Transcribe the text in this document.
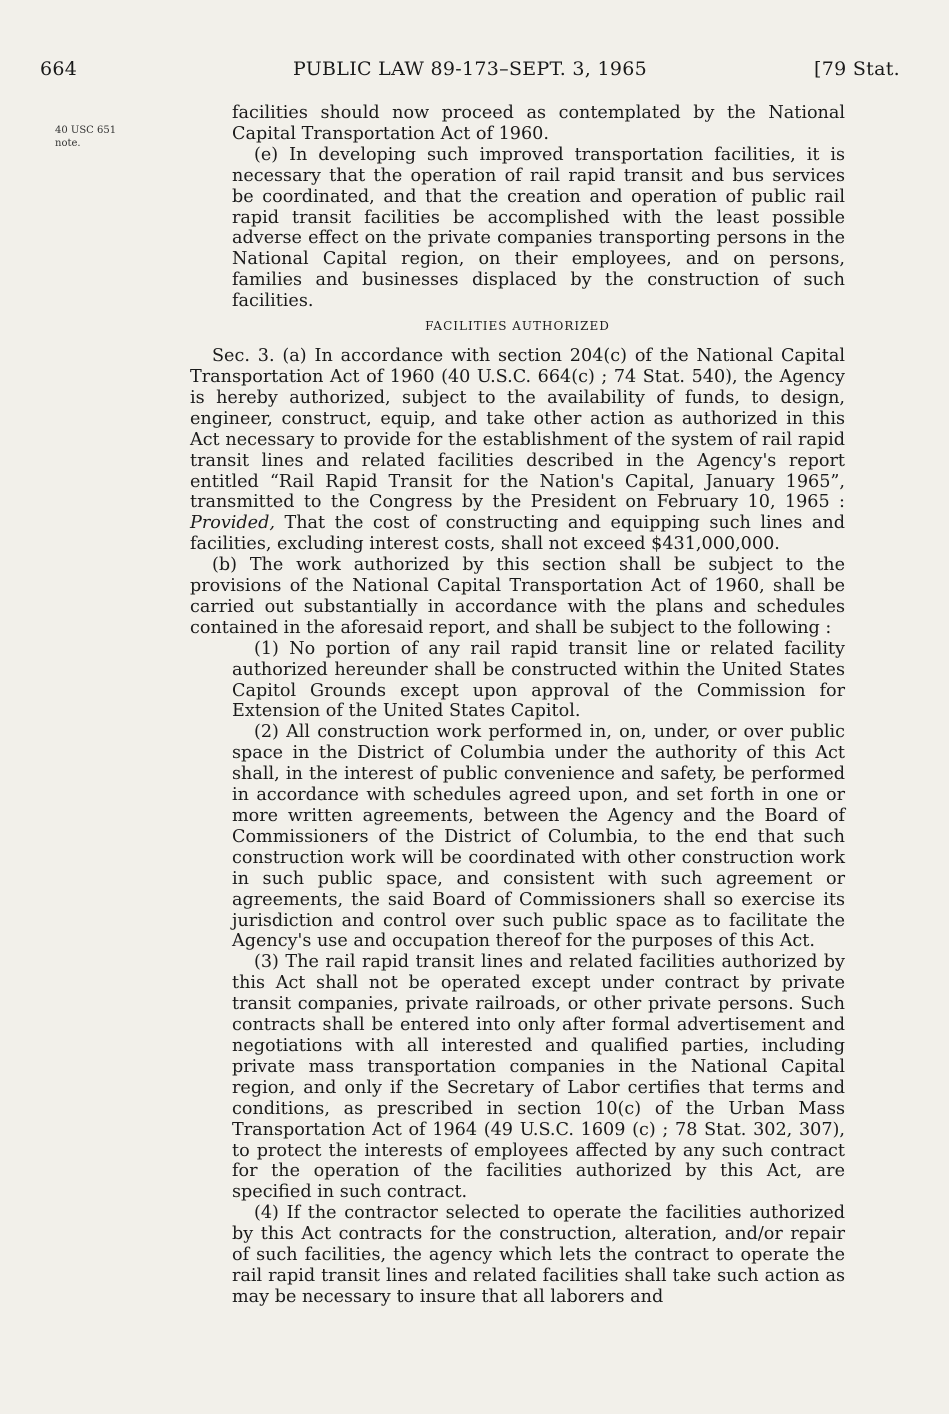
664	PUBLIC LAW 89-173–SEPT. 3, 1965	[79 Stat.
40 USC 651
note.

facilities should now proceed as contemplated by the National Capital Transportation Act of 1960.

(e) In developing such improved transportation facilities, it is necessary that the operation of rail rapid transit and bus services be coordinated, and that the creation and operation of public rail rapid transit facilities be accomplished with the least possible adverse effect on the private companies transporting persons in the National Capital region, on their employees, and on persons, families and businesses displaced by the construction of such facilities.

FACILITIES AUTHORIZED

Sec. 3. (a) In accordance with section 204(c) of the National Capital Transportation Act of 1960 (40 U.S.C. 664(c) ; 74 Stat. 540), the Agency is hereby authorized, subject to the availability of funds, to design, engineer, construct, equip, and take other action as authorized in this Act necessary to provide for the establishment of the system of rail rapid transit lines and related facilities described in the Agency's report entitled “Rail Rapid Transit for the Nation's Capital, January 1965”, transmitted to the Congress by the President on February 10, 1965 : Provided, That the cost of constructing and equipping such lines and facilities, excluding interest costs, shall not exceed $431,000,000.

(b) The work authorized by this section shall be subject to the provisions of the National Capital Transportation Act of 1960, shall be carried out substantially in accordance with the plans and schedules contained in the aforesaid report, and shall be subject to the following :

(1) No portion of any rail rapid transit line or related facility authorized hereunder shall be constructed within the United States Capitol Grounds except upon approval of the Commission for Extension of the United States Capitol.

(2) All construction work performed in, on, under, or over public space in the District of Columbia under the authority of this Act shall, in the interest of public convenience and safety, be performed in accordance with schedules agreed upon, and set forth in one or more written agreements, between the Agency and the Board of Commissioners of the District of Columbia, to the end that such construction work will be coordinated with other construction work in such public space, and consistent with such agreement or agreements, the said Board of Commissioners shall so exercise its jurisdiction and control over such public space as to facilitate the Agency's use and occupation thereof for the purposes of this Act.

(3) The rail rapid transit lines and related facilities authorized by this Act shall not be operated except under contract by private transit companies, private railroads, or other private persons. Such contracts shall be entered into only after formal advertisement and negotiations with all interested and qualified parties, including private mass transportation companies in the National Capital region, and only if the Secretary of Labor certifies that terms and conditions, as prescribed in section 10(c) of the Urban Mass Transportation Act of 1964 (49 U.S.C. 1609 (c) ; 78 Stat. 302, 307), to protect the interests of employees affected by any such contract for the operation of the facilities authorized by this Act, are specified in such contract.

(4) If the contractor selected to operate the facilities authorized by this Act contracts for the construction, alteration, and/or repair of such facilities, the agency which lets the contract to operate the rail rapid transit lines and related facilities shall take such action as may be necessary to insure that all laborers and
